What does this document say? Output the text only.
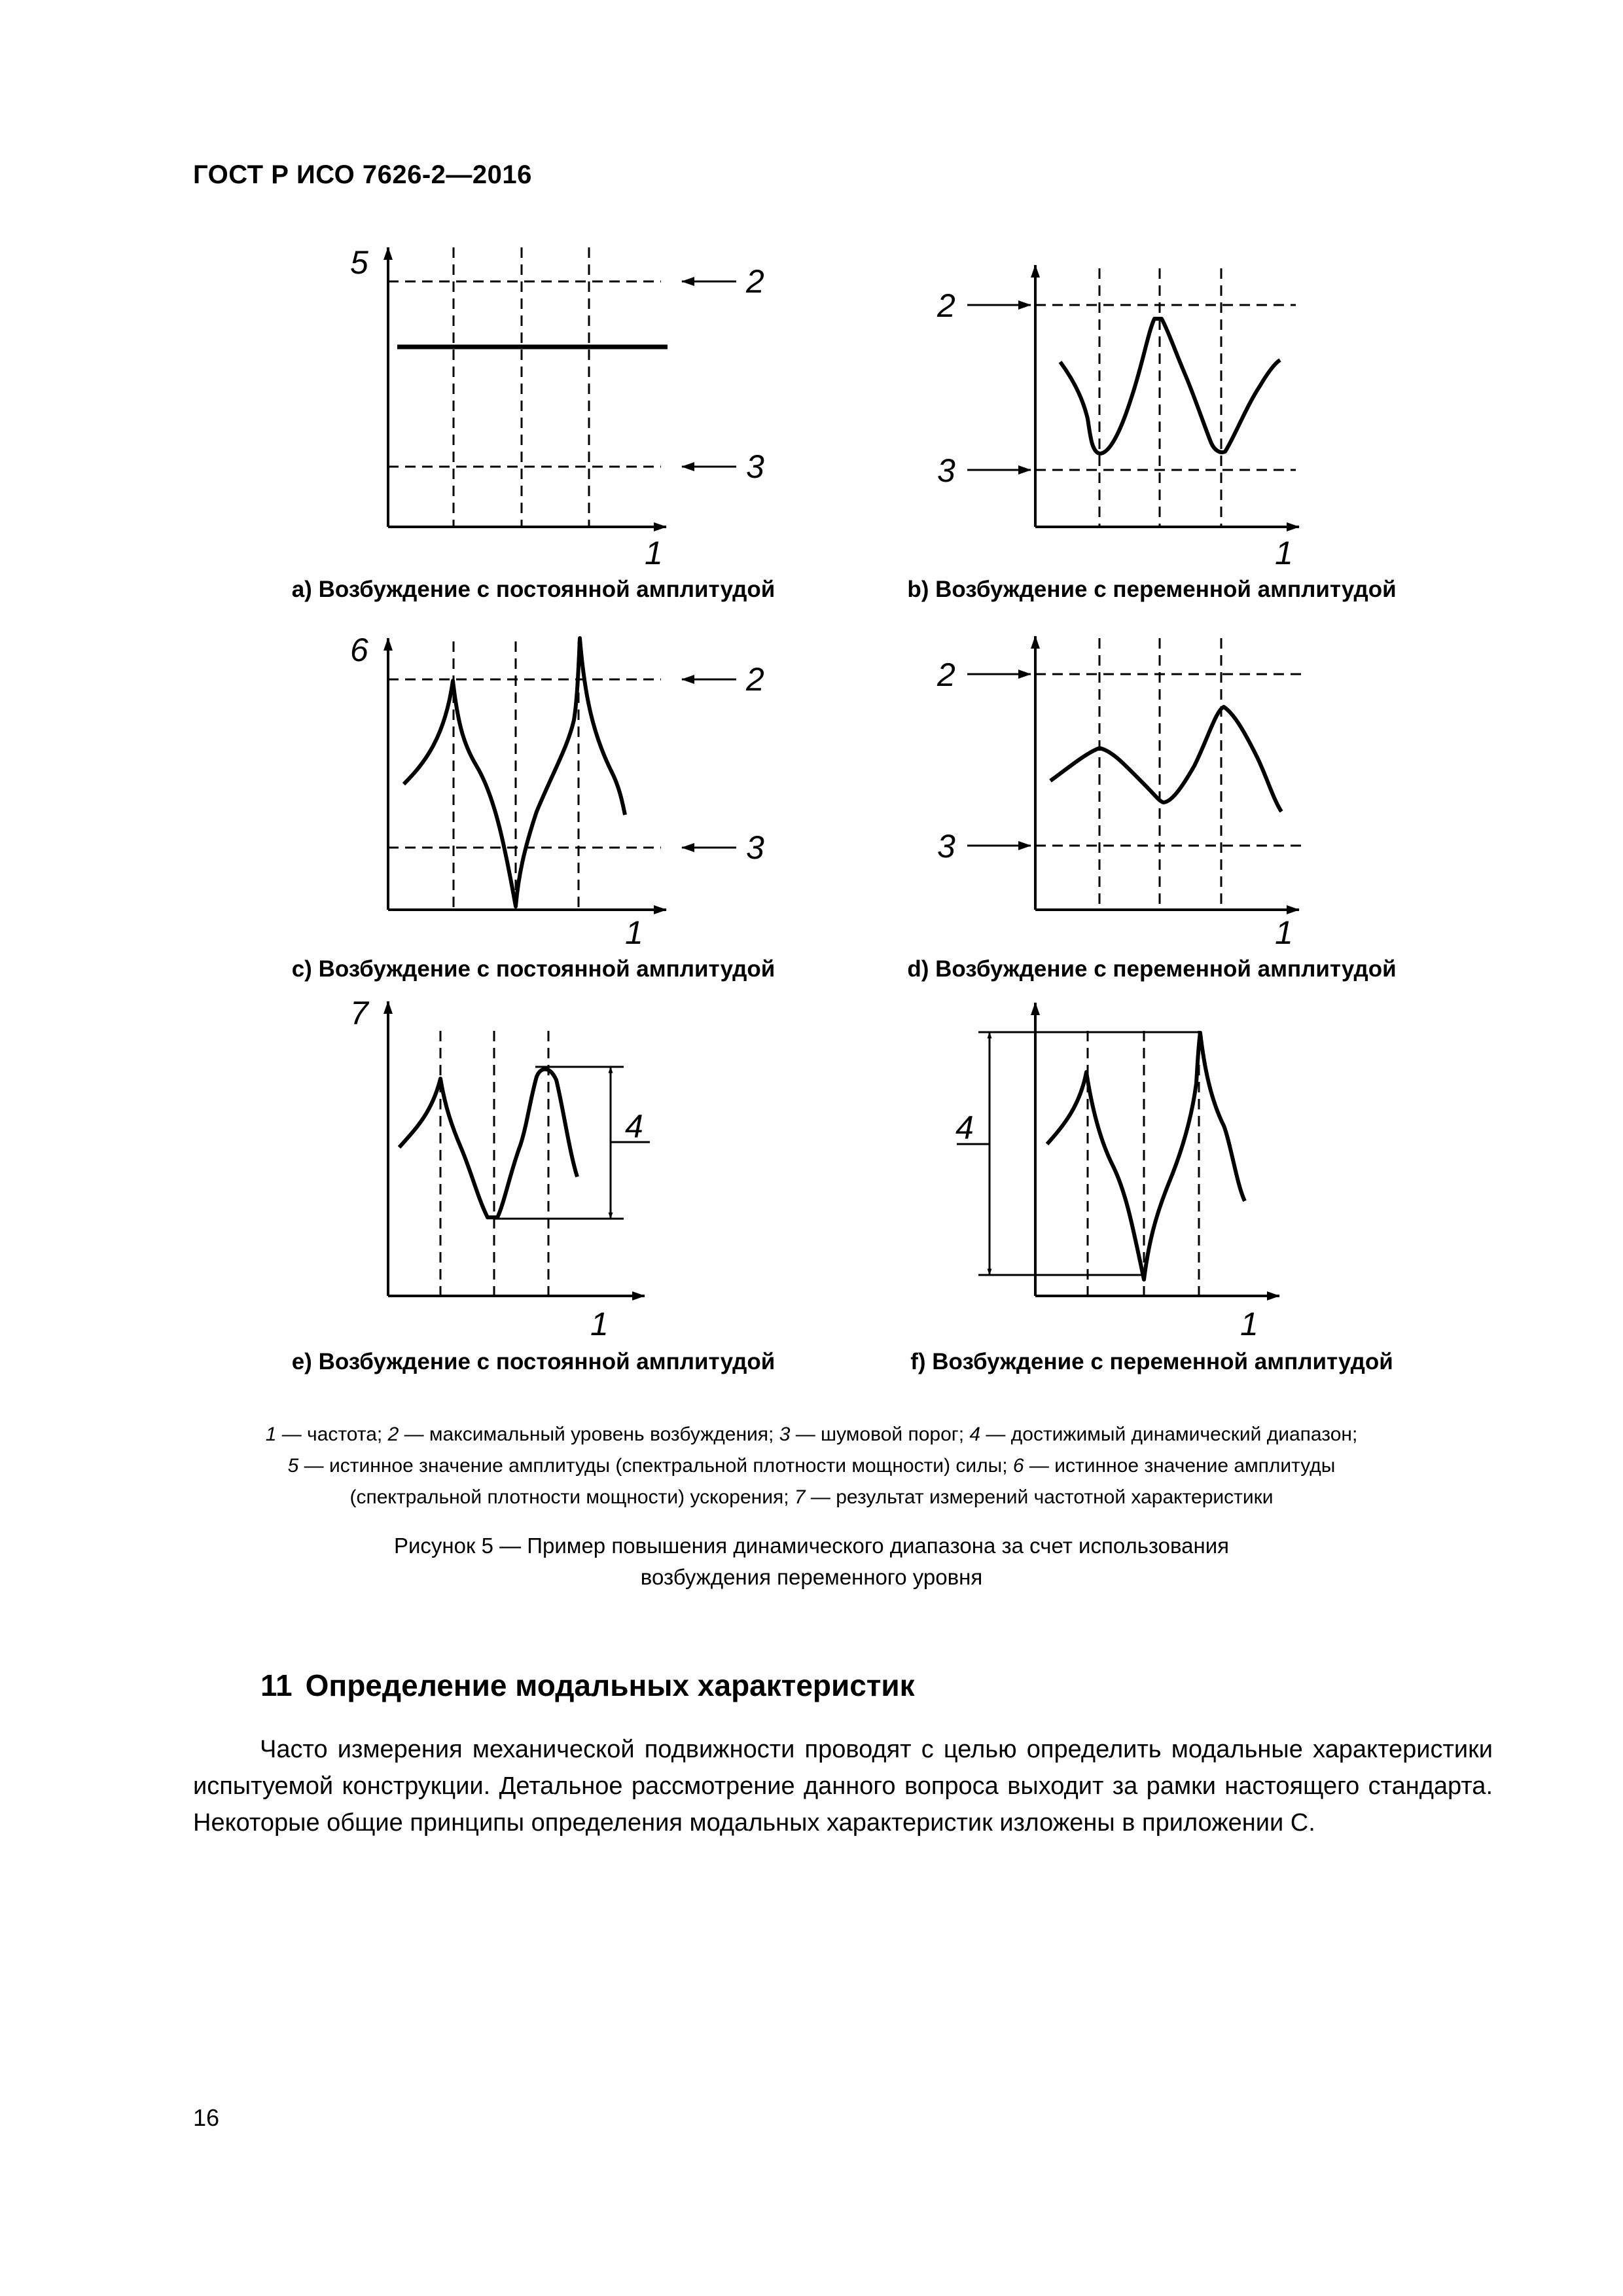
ГОСТ Р ИСО 7626-2—2016
5
2
3
1
2
3
1
6
2
3
1
2
3
1
7
4
1
4
1
a) Возбуждение с постоянной амплитудой	b) Возбуждение с переменной амплитудой
c) Возбуждение с постоянной амплитудой	d) Возбуждение с переменной амплитудой
e) Возбуждение с постоянной амплитудой	f) Возбуждение с переменной амплитудой
1 — частота; 2 — максимальный уровень возбуждения; 3 — шумовой порог; 4 — достижимый динамический диапазон;
5 — истинное значение амплитуды (спектральной плотности мощности) силы; 6 — истинное значение амплитуды
(спектральной плотности мощности) ускорения; 7 — результат измерений частотной характеристики
Рисунок 5 — Пример повышения динамического диапазона за счет использования
возбуждения переменного уровня
11 Определение модальных характеристик

Часто измерения механической подвижности проводят с целью определить модальные характеристики испытуемой конструкции. Детальное рассмотрение данного вопроса выходит за рамки настоящего стандарта. Некоторые общие принципы определения модальных характеристик изложены в приложении С.

16
